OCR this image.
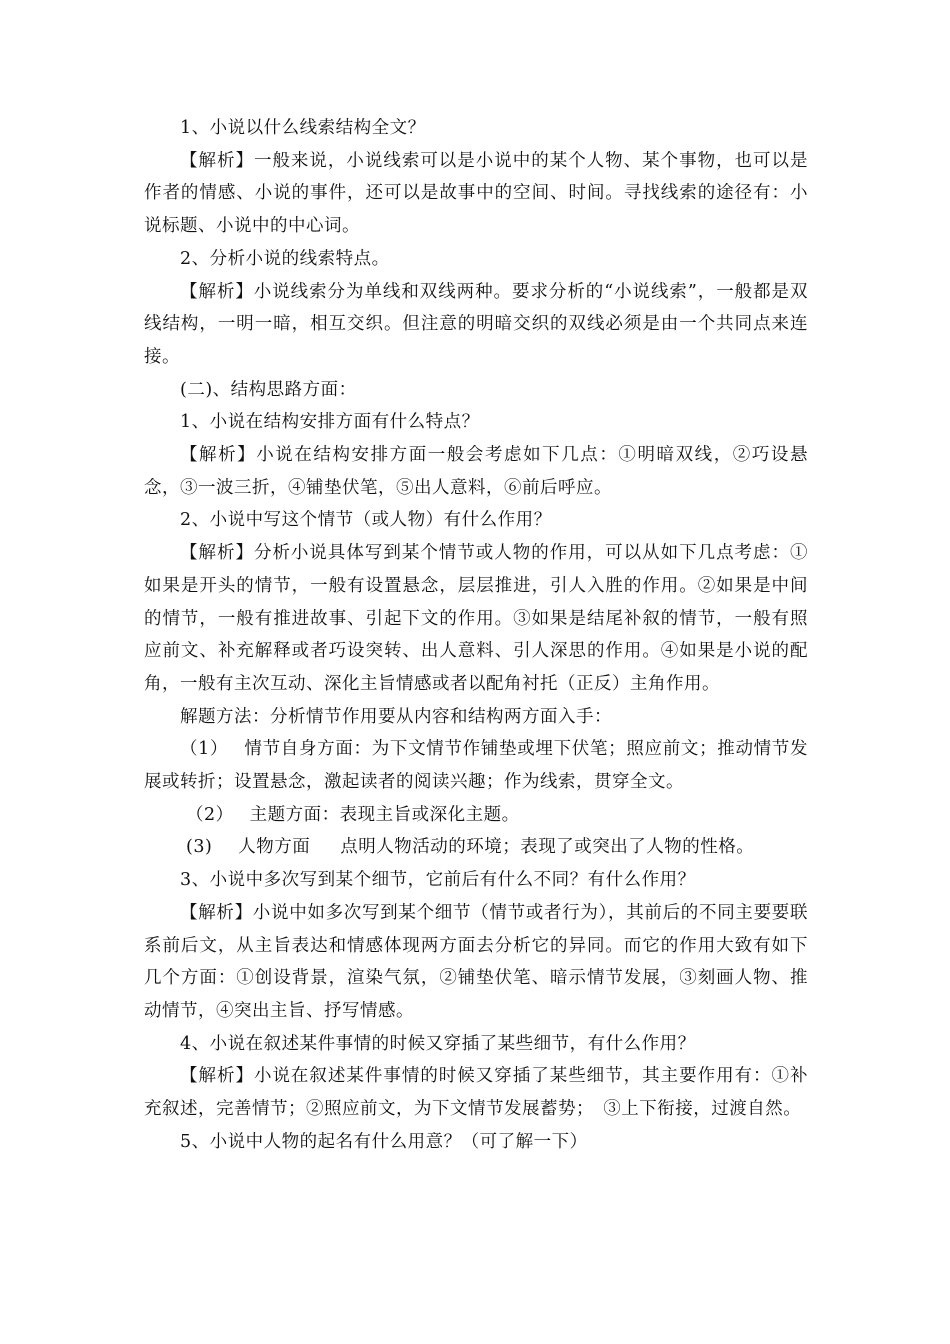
1、小说以什么线索结构全文？

【解析】一般来说，小说线索可以是小说中的某个人物、某个事物，也可以是作者的情感、小说的事件，还可以是故事中的空间、时间。寻找线索的途径有：小说标题、小说中的中心词。

2、分析小说的线索特点。

【解析】小说线索分为单线和双线两种。要求分析的“小说线索”，一般都是双线结构，一明一暗，相互交织。但注意的明暗交织的双线必须是由一个共同点来连接。

(二)、结构思路方面：

1、小说在结构安排方面有什么特点？

【解析】小说在结构安排方面一般会考虑如下几点：①明暗双线，②巧设悬念，③一波三折，④铺垫伏笔，⑤出人意料，⑥前后呼应。

2、小说中写这个情节（或人物）有什么作用？

【解析】分析小说具体写到某个情节或人物的作用，可以从如下几点考虑：①如果是开头的情节，一般有设置悬念，层层推进，引人入胜的作用。②如果是中间的情节，一般有推进故事、引起下文的作用。③如果是结尾补叙的情节，一般有照应前文、补充解释或者巧设突转、出人意料、引人深思的作用。④如果是小说的配角，一般有主次互动、深化主旨情感或者以配角衬托（正反）主角作用。

解题方法：分析情节作用要从内容和结构两方面入手：

（1） 情节自身方面：为下文情节作铺垫或埋下伏笔；照应前文；推动情节发展或转折；设置悬念，激起读者的阅读兴趣；作为线索，贯穿全文。

（2） 主题方面：表现主旨或深化主题。

(3) 人物方面 点明人物活动的环境；表现了或突出了人物的性格。

3、小说中多次写到某个细节，它前后有什么不同？有什么作用？

【解析】小说中如多次写到某个细节（情节或者行为），其前后的不同主要要联系前后文，从主旨表达和情感体现两方面去分析它的异同。而它的作用大致有如下几个方面：①创设背景，渲染气氛，②铺垫伏笔、暗示情节发展，③刻画人物、推动情节，④突出主旨、抒写情感。

4、小说在叙述某件事情的时候又穿插了某些细节，有什么作用？

【解析】小说在叙述某件事情的时候又穿插了某些细节，其主要作用有：①补充叙述，完善情节；②照应前文，为下文情节发展蓄势；　③上下衔接，过渡自然。

5、小说中人物的起名有什么用意？（可了解一下）
